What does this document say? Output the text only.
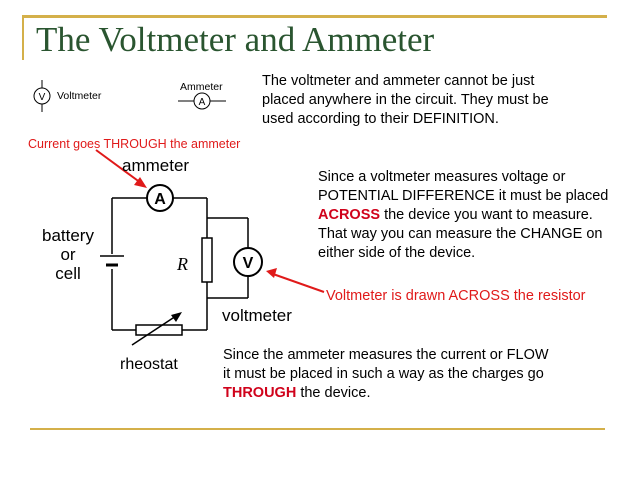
The Voltmeter and Ammeter
V	A
A
V
Voltmeter
Ammeter	The voltmeter and ammeter cannot be just placed anywhere in the circuit. They must be used according to their DEFINITION.
Since a voltmeter measures voltage or POTENTIAL DIFFERENCE it must be placed ACROSS the device you want to measure. That way you can measure the CHANGE on either side of the device.
Since the ammeter measures the current or FLOW it must be placed in such a way as the charges go THROUGH the device.
Current goes THROUGH the ammeter
Voltmeter is drawn ACROSS the resistor
ammeter
battery
or
cell	R
voltmeter
rheostat
